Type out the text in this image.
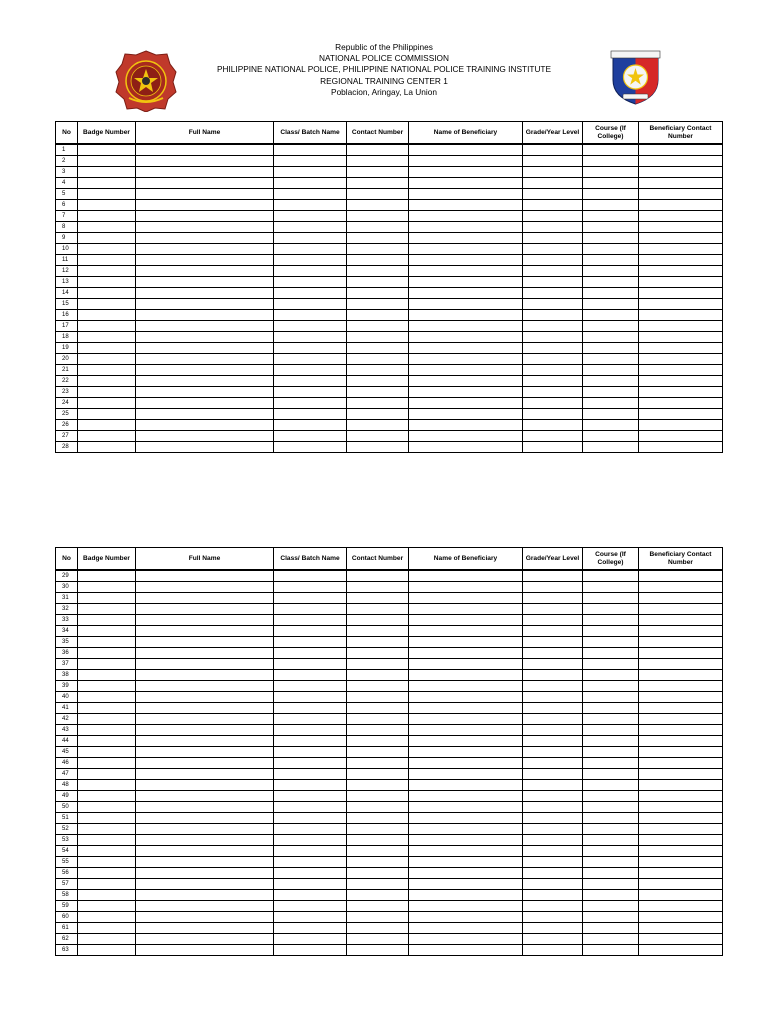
Republic of the Philippines
NATIONAL POLICE COMMISSION
PHILIPPINE NATIONAL POLICE, PHILIPPINE NATIONAL POLICE TRAINING INSTITUTE
REGIONAL TRAINING CENTER 1
Poblacion, Aringay, La Union
No	Badge Number	Full Name	Class/ Batch Name	Contact Number	Name of Beneficiary	Grade/Year Level	Course (If College)	Beneficiary Contact Number
1								
2								
3								
4								
5								
6								
7								
8								
9								
10								
11								
12								
13								
14								
15								
16								
17								
18								
19								
20								
21								
22								
23								
24								
25								
26								
27								
28								
No	Badge Number	Full Name	Class/ Batch Name	Contact Number	Name of Beneficiary	Grade/Year Level	Course (If College)	Beneficiary Contact Number
29								
30								
31								
32								
33								
34								
35								
36								
37								
38								
39								
40								
41								
42								
43								
44								
45								
46								
47								
48								
49								
50								
51								
52								
53								
54								
55								
56								
57								
58								
59								
60								
61								
62								
63								
